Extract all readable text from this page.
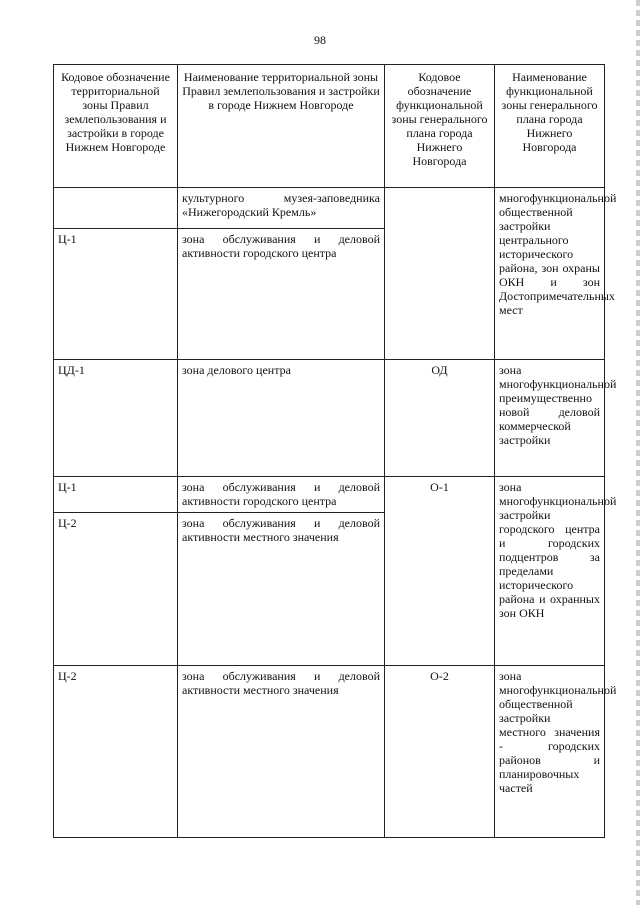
98
Кодовое обозначение территориальной зоны Правил землепользования и застройки в городе Нижнем Новгороде	Наименование территориальной зоны Правил землепользования и застройки в городе Нижнем Новгороде	Кодовое обозначение функциональной зоны генерального плана города Нижнего Новгорода	Наименование функциональной зоны генерального плана города Нижнего Новгорода
	культурного музея-заповедника «Нижегородский Кремль»		многофункциональной общественной застройки центрального исторического района, зон охраны ОКН и зон Достопримечательных мест
Ц-1	зона обслуживания и деловой активности городского центра		
ЦД-1	зона делового центра	ОД	зона многофункциональной преимущественно новой деловой коммерческой застройки
Ц-1	зона обслуживания и деловой активности городского центра	О-1	зона многофункциональной застройки городского центра и городских подцентров за пределами исторического района и охранных зон ОКН
Ц-2	зона обслуживания и деловой активности местного значения		
Ц-2	зона обслуживания и деловой активности местного значения	О-2	зона многофункциональной общественной застройки местного значения - городских районов и планировочных частей
